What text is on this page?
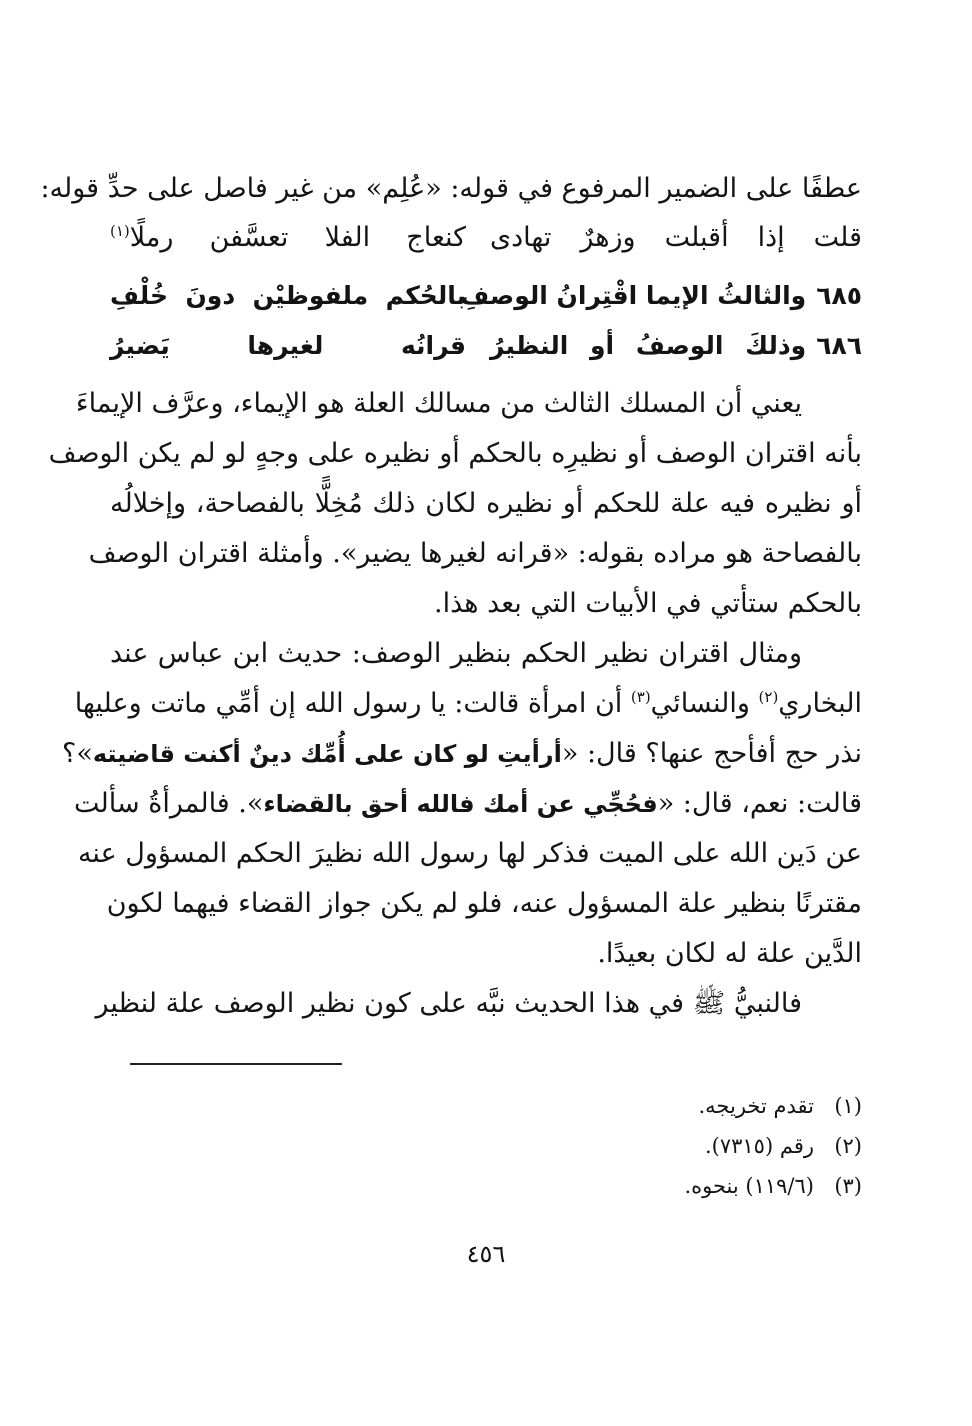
عطفًا على الضمير المرفوع في قوله: «عُلِم» من غير فاصل على حدِّ قوله:
قلت إذا أقبلت وزهرٌ تهادى
كنعاج الفلا تعسَّفن رملًا$^{(١)}$
٦٨٥والثالثُ الإيما اقْتِرانُ الوصفِ
بالحُكم ملفوظيْن دونَ خُلْفِ
٦٨٦وذلكَ الوصفُ أو النظيرُ
قرانُه لغيرها يَضيرُ
يعني أن المسلك الثالث من مسالك العلة هو الإيماء، وعرَّف الإيماءَ
بأنه اقتران الوصف أو نظيرِه بالحكم أو نظيره على وجهٍ لو لم يكن الوصف
أو نظيره فيه علة للحكم أو نظيره لكان ذلك مُخِلًّا بالفصاحة، وإخلالُه
بالفصاحة هو مراده بقوله: «قرانه لغيرها يضير». وأمثلة اقتران الوصف
بالحكم ستأتي في الأبيات التي بعد هذا.
ومثال اقتران نظير الحكم بنظير الوصف: حديث ابن عباس عند
البخاري$^{(٢)}$ والنسائي$^{(٣)}$ أن امرأة قالت: يا رسول الله إن أمِّي ماتت وعليها
نذر حج أفأحج عنها؟ قال: «أرأيتِ لو كان على أُمِّك دينٌ أكنت قاضيته»؟
قالت: نعم، قال: «فحُجِّي عن أمك فالله أحق بالقضاء». فالمرأةُ سألت
عن دَين الله على الميت فذكر لها رسول الله نظيرَ الحكم المسؤول عنه
مقترنًا بنظير علة المسؤول عنه، فلو لم يكن جواز القضاء فيهما لكون
الدَّين علة له لكان بعيدًا.
فالنبيُّ ﷺ في هذا الحديث نبَّه على كون نظير الوصف علة لنظير
(١)تقدم تخريجه.
(٢)رقم (٧٣١٥).
(٣)(١١٩/٦) بنحوه.
٤٥٦
